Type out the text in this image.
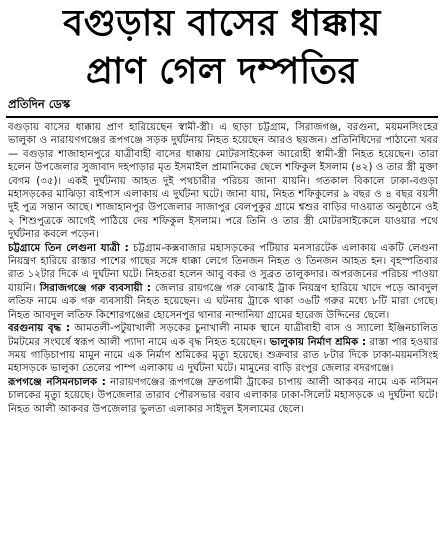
বগুড়ায় বাসের ধাক্কায়
প্রাণ গেল দম্পতির
প্রতিদিন ডেস্ক

বগুড়ায় বাসের ধাক্কায় প্রাণ হারিয়েছেন স্বামী-স্ত্রী। এ ছাড়া চট্টগ্রাম, সিরাজগঞ্জ, বরগুনা, ময়মনসিংহের ভালুকা ও নারায়ণগঞ্জের রূপগঞ্জে সড়ক দুর্ঘটনায় নিহত হয়েছেন আরও ছয়জন। প্রতিনিধিদের পাঠানো খবর— বগুড়ার শাজাহানপুরে যাত্রীবাহী বাসের ধাক্কায় মোটরসাইকেল আরোহী স্বামী-স্ত্রী নিহত হয়েছেন। তারা হলেন উপজেলার সুজাবাদ দহপাড়ার মৃত ইসমাইল প্রামানিকের ছেলে শফিকুল ইসলাম (৪২) ও তার স্ত্রী মুক্তা বেগম (৩৫)। একই দুর্ঘটনায় আহত দুই পথচারীর পরিচয় জানা যায়নি। গতকাল বিকালে ঢাকা-বগুড়া মহাসড়কের মাঝিড়া বাইপাস এলাকায় এ দুর্ঘটনা ঘটে। জানা যায়, নিহত শফিকুলের ৯ বছর ও ৪ বছর বয়সী দুই পুত্র সন্তান আছে। শাজাহানপুর উপজেলার সাজাপুর বেলপুকুর গ্রামে শ্বশুর বাড়ির দাওয়াত অনুষ্ঠানে ওই ২ শিশুপুত্রকে আগেই পাঠিয়ে দেয় শফিকুল ইসলাম। পরে তিনি ও তার স্ত্রী মোটরসাইকেলে যাওয়ার পথে দুর্ঘটনার কবলে পড়েন।

চট্টগ্রামে তিন লেগুনা যাত্রী : চট্টগ্রাম-কক্সবাজার মহাসড়কের পটিয়ার মনসারটেক এলাকায় একটি লেগুনা নিয়ন্ত্রণ হারিয়ে রাস্তার পাশের গাছের সঙ্গে ধাক্কা লেগে তিনজন নিহত ও তিনজন আহত হন। বৃহস্পতিবার রাত ১২টার দিকে এ দুর্ঘটনা ঘটে। নিহতরা হলেন আবু বকর ও সুব্রত তালুকদার। অপরজনের পরিচয় পাওয়া যায়নি। সিরাজগঞ্জে গরু ব্যবসায়ী : জেলার রায়গঞ্জে গরু বোঝাই ট্রাক নিয়ন্ত্রণ হারিয়ে খাদে পড়ে আবদুল লতিফ নামে এক গরু ব্যবসায়ী নিহত হয়েছেন। এ ঘটনায় ট্রাকে থাকা ৩৬টি গরুর মধ্যে ৮টি মারা গেছে। নিহত আবদুল লতিফ কিশোরগঞ্জের হোসেনপুর থানার নান্দানিয়া গ্রামের হারেজ উদ্দিনের ছেলে।

বরগুনায় বৃদ্ধ : আমতলী-পটুয়াখালী সড়কের চুনাখালী নামক স্থানে যাত্রীবাহী বাস ও স্যালো ইঞ্জিনচালিত টমটমের সংঘর্ষে স্বরূপ আলী প্যাদা নামে এক বৃদ্ধ নিহত হয়েছেন। ভালুকায় নির্মাণ শ্রমিক : রাস্তা পার হওয়ার সময় গাড়িচাপায় মামুন নামে এক নির্মাণ শ্রমিকের মৃত্যু হয়েছে। শুক্রবার রাত ৮টার দিকে ঢাকা-ময়মনসিংহ মহাসড়কে ভালুকা তেলের পাম্প এলাকায় এ দুর্ঘটনা ঘটে। মামুনের বাড়ি রংপুর জেলার বদরগঞ্জে।

রূপগঞ্জে নসিমনচালক : নারায়ণগঞ্জের রূপগঞ্জে দ্রুতগামী ট্রাকের চাপায় আলী আকবর নামে এক নসিমন চালকের মৃত্যু হয়েছে। উপজেলার তারাব পৌরসভার বরাব এলাকার ঢাকা-সিলেট মহাসড়কে এ দুর্ঘটনা ঘটে। নিহত আলী আকবর উপজেলার ভুলতা এলাকার সাইদুল ইসলামের ছেলে।
